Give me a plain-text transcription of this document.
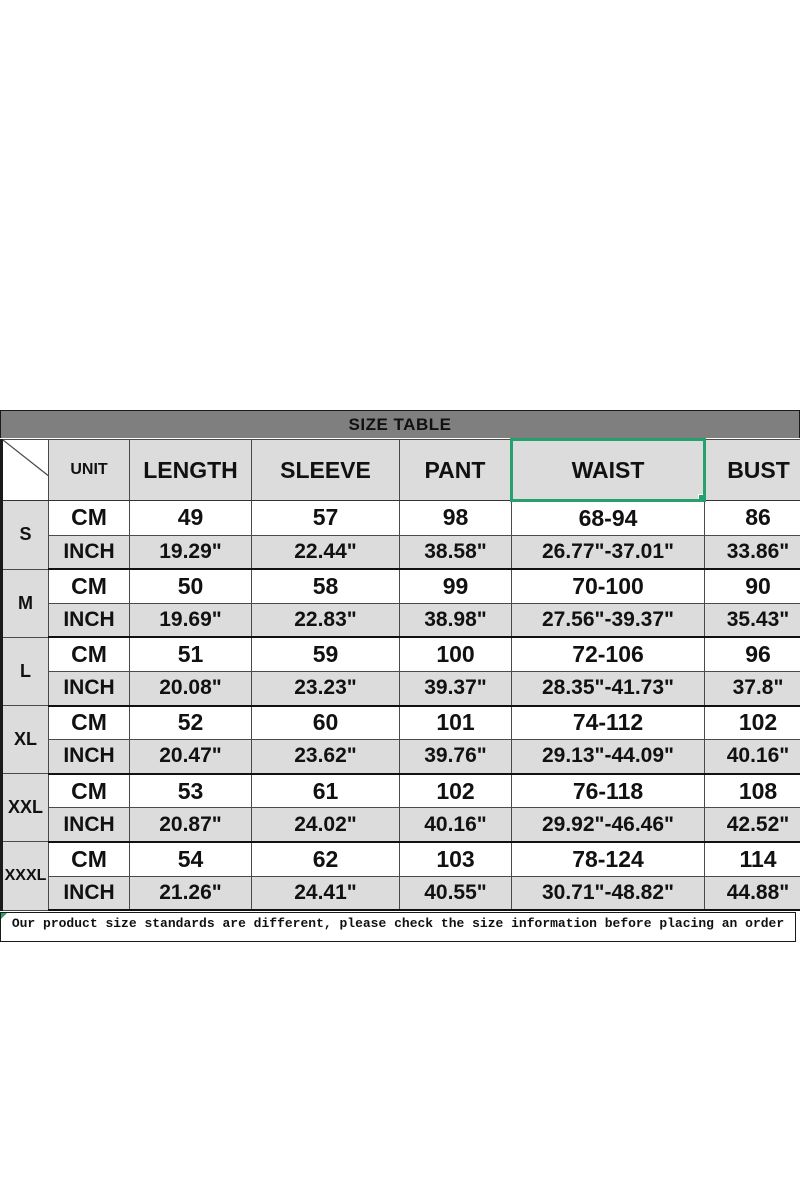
SIZE TABLE
	UNIT	LENGTH	SLEEVE	PANT	WAIST	BUST
S	CM	49	57	98	68-94	86
	INCH	19.29"	22.44"	38.58"	26.77"-37.01"	33.86"
M	CM	50	58	99	70-100	90
	INCH	19.69"	22.83"	38.98"	27.56"-39.37"	35.43"
L	CM	51	59	100	72-106	96
	INCH	20.08"	23.23"	39.37"	28.35"-41.73"	37.8"
XL	CM	52	60	101	74-112	102
	INCH	20.47"	23.62"	39.76"	29.13"-44.09"	40.16"
XXL	CM	53	61	102	76-118	108
	INCH	20.87"	24.02"	40.16"	29.92"-46.46"	42.52"
XXXL	CM	54	62	103	78-124	114
	INCH	21.26"	24.41"	40.55"	30.71"-48.82"	44.88"
Our product size standards are different, please check the size information before placing an order
